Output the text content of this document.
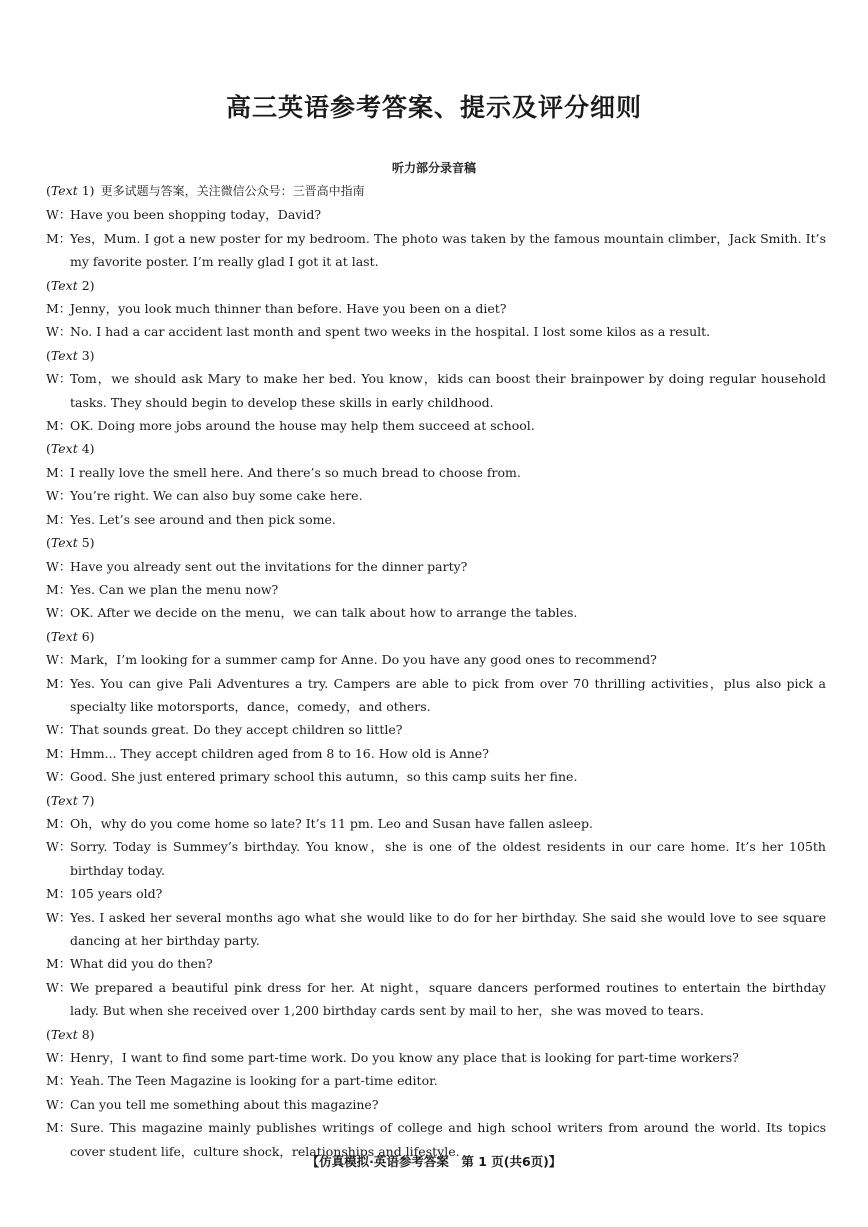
高三英语参考答案、提示及评分细则
听力部分录音稿
(Text 1) 更多试题与答案，关注微信公众号：三晋高中指南
W：
Have you been shopping today，David?
M：
Yes，Mum. I got a new poster for my bedroom. The photo was taken by the famous mountain climber，Jack Smith. It’s my favorite poster. I’m really glad I got it at last.
(Text 2)
M：
Jenny，you look much thinner than before. Have you been on a diet?
W：
No. I had a car accident last month and spent two weeks in the hospital. I lost some kilos as a result.
(Text 3)
W：
Tom，we should ask Mary to make her bed. You know，kids can boost their brainpower by doing regular household tasks. They should begin to develop these skills in early childhood.
M：
OK. Doing more jobs around the house may help them succeed at school.
(Text 4)
M：
I really love the smell here. And there’s so much bread to choose from.
W：
You’re right. We can also buy some cake here.
M：
Yes. Let’s see around and then pick some.
(Text 5)
W：
Have you already sent out the invitations for the dinner party?
M：
Yes. Can we plan the menu now?
W：
OK. After we decide on the menu，we can talk about how to arrange the tables.
(Text 6)
W：
Mark，I’m looking for a summer camp for Anne. Do you have any good ones to recommend?
M：
Yes. You can give Pali Adventures a try. Campers are able to pick from over 70 thrilling activities，plus also pick a specialty like motorsports，dance，comedy，and others.
W：
That sounds great. Do they accept children so little?
M：
Hmm... They accept children aged from 8 to 16. How old is Anne?
W：
Good. She just entered primary school this autumn，so this camp suits her fine.
(Text 7)
M：
Oh，why do you come home so late? It’s 11 pm. Leo and Susan have fallen asleep.
W：
Sorry. Today is Summey’s birthday. You know，she is one of the oldest residents in our care home. It’s her 105th birthday today.
M：
105 years old?
W：
Yes. I asked her several months ago what she would like to do for her birthday. She said she would love to see square dancing at her birthday party.
M：
What did you do then?
W：
We prepared a beautiful pink dress for her. At night，square dancers performed routines to entertain the birthday lady. But when she received over 1,200 birthday cards sent by mail to her，she was moved to tears.
(Text 8)
W：
Henry，I want to find some part-time work. Do you know any place that is looking for part-time workers?
M：
Yeah. The Teen Magazine is looking for a part-time editor.
W：
Can you tell me something about this magazine?
M：
Sure. This magazine mainly publishes writings of college and high school writers from around the world. Its topics cover student life，culture shock，relationships and lifestyle.
【仿真模拟·英语参考答案　第 1 页(共6页)】
